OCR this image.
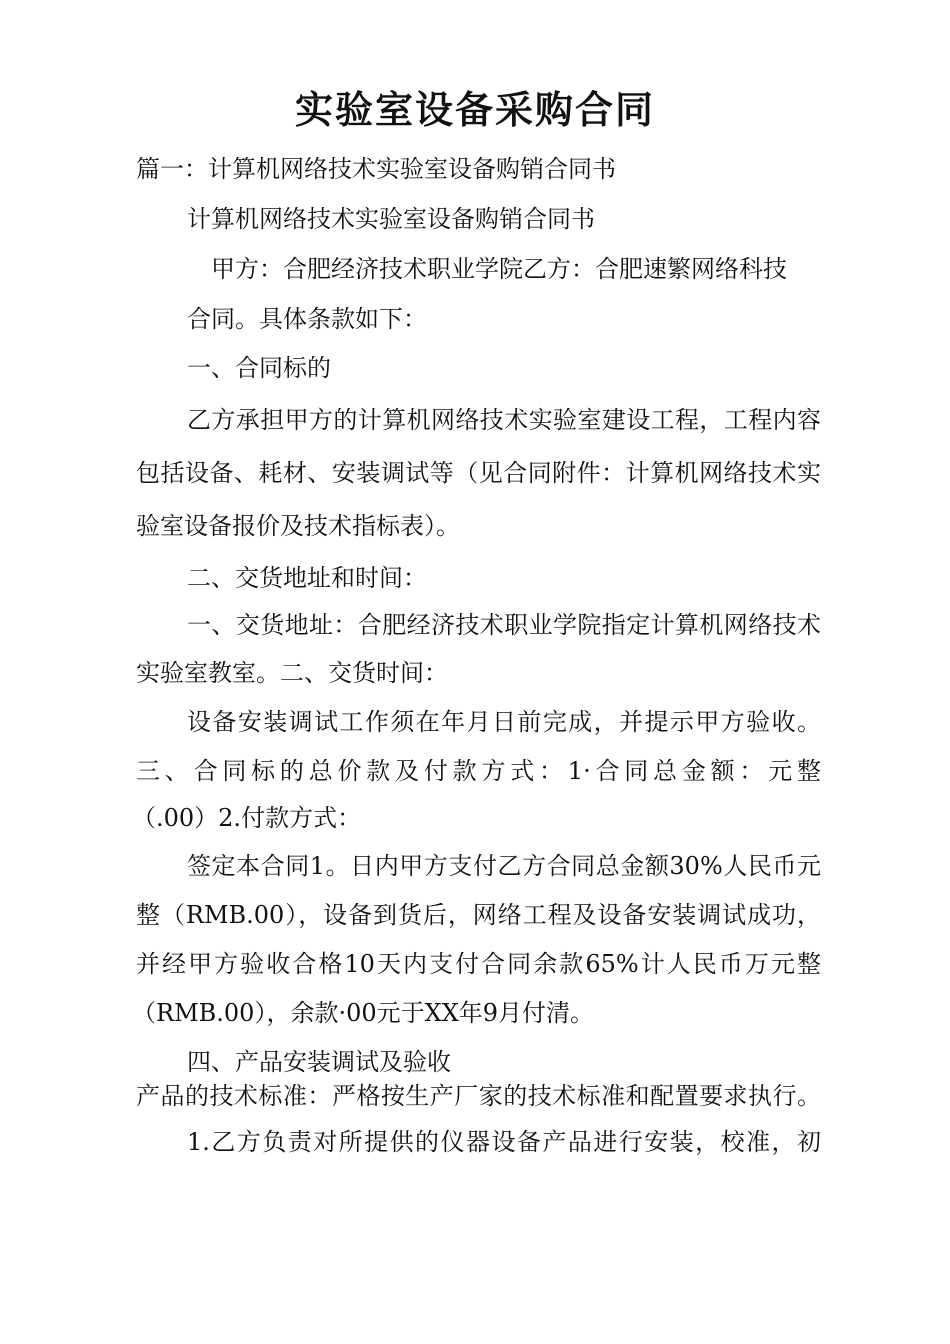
实验室设备采购合同
篇一：计算机网络技术实验室设备购销合同书
计算机网络技术实验室设备购销合同书
甲方：合肥经济技术职业学院乙方：合肥速繁网络科技
合同。具体条款如下：
一、合同标的
乙方承担甲方的计算机网络技术实验室建设工程，工程内容
包括设备、耗材、安装调试等（见合同附件：计算机网络技术实
验室设备报价及技术指标表）。
二、交货地址和时间：
一、交货地址：合肥经济技术职业学院指定计算机网络技术
实验室教室。二、交货时间：
设备安装调试工作须在年月日前完成，并提示甲方验收。
三、合同标的总价款及付款方式：1·合同总金额：元整
（.00）2.付款方式：
签定本合同1。日内甲方支付乙方合同总金额30%人民币元
整（RMB.00），设备到货后，网络工程及设备安装调试成功，
并经甲方验收合格10天内支付合同余款65%计人民币万元整
（RMB.00），余款·00元于XX年9月付清。
四、产品安装调试及验收
产品的技术标准：严格按生产厂家的技术标准和配置要求执行。
1.乙方负责对所提供的仪器设备产品进行安装，校准，初
